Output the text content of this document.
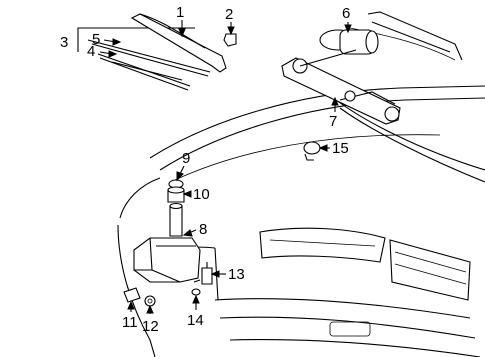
1	2
3
4
5
6
7
8
9
10
11 12
13
14
15
